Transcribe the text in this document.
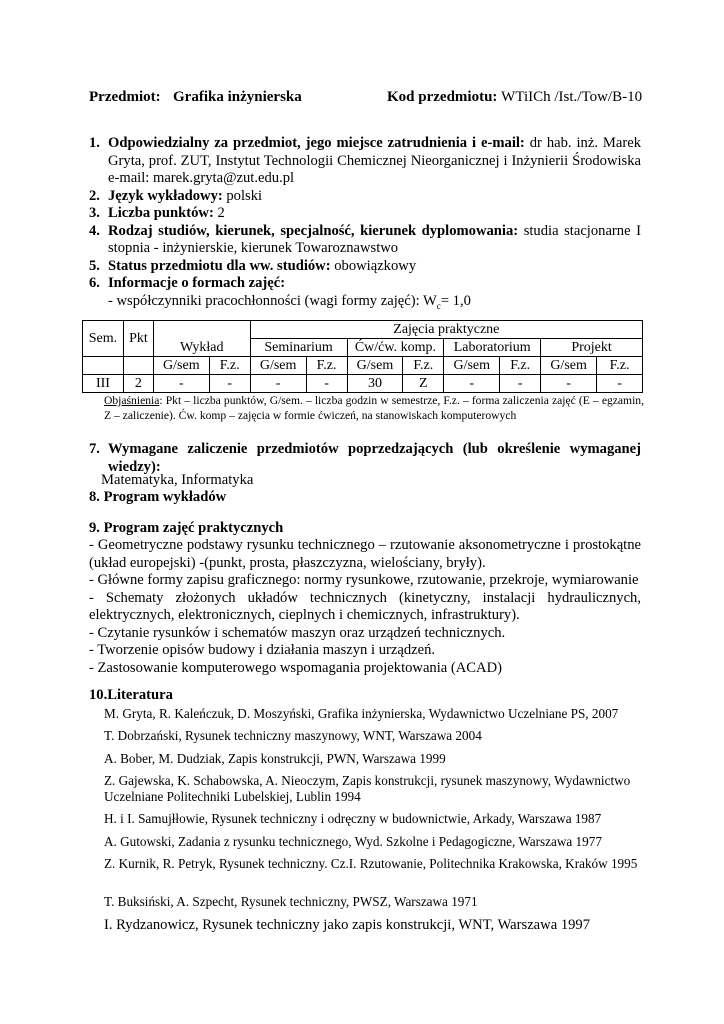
Przedmiot: Grafika inżynierska	Kod przedmiotu: WTiICh /Ist./Tow/B-10
1. Odpowiedzialny za przedmiot, jego miejsce zatrudnienia i e-mail: dr hab. inż. Marek Gryta, prof. ZUT, Instytut Technologii Chemicznej Nieorganicznej i Inżynierii Środowiska e-mail: marek.gryta@zut.edu.pl
2. Język wykładowy: polski
3. Liczba punktów: 2
4. Rodzaj studiów, kierunek, specjalność, kierunek dyplomowania: studia stacjonarne I stopnia - inżynierskie, kierunek Towaroznawstwo
5. Status przedmiotu dla ww. studiów: obowiązkowy
6. Informacje o formach zajęć:
- współczynniki pracochłonności (wagi formy zajęć): $W_c= 1,0$
Sem.	Pkt	Wykład		Zajęcia praktyczne							
				Seminarium		Ćw/ćw. komp.		Laboratorium		Projekt	
		G/sem	F.z.	G/sem	F.z.	G/sem	F.z.	G/sem	F.z.	G/sem	F.z.
III	2	-	-	-	-	30	Z	-	-	-	-
Objaśnienia: Pkt – liczba punktów, G/sem. – liczba godzin w semestrze, F.z. – forma zaliczenia zajęć (E – egzamin, Z – zaliczenie). Ćw. komp – zajęcia w formie ćwiczeń, na stanowiskach komputerowych
7. Wymagane zaliczenie przedmiotów poprzedzających (lub określenie wymaganej wiedzy):
Matematyka, Informatyka
8. Program wykładów
9. Program zajęć praktycznych
- Geometryczne podstawy rysunku technicznego – rzutowanie aksonometryczne i prostokątne (układ europejski) -(punkt, prosta, płaszczyzna, wielościany, bryły).
- Główne formy zapisu graficznego: normy rysunkowe, rzutowanie, przekroje, wymiarowanie
- Schematy złożonych układów technicznych (kinetyczny, instalacji hydraulicznych, elektrycznych, elektronicznych, cieplnych i chemicznych, infrastruktury).
- Czytanie rysunków i schematów maszyn oraz urządzeń technicznych.
- Tworzenie opisów budowy i działania maszyn i urządzeń.
- Zastosowanie komputerowego wspomagania projektowania (ACAD)
10.Literatura
M. Gryta, R. Kaleńczuk, D. Moszyński, Grafika inżynierska, Wydawnictwo Uczelniane PS, 2007
T. Dobrzański, Rysunek techniczny maszynowy, WNT, Warszawa 2004
A. Bober, M. Dudziak, Zapis konstrukcji, PWN, Warszawa 1999
Z. Gajewska, K. Schabowska, A. Nieoczym, Zapis konstrukcji, rysunek maszynowy, Wydawnictwo Uczelniane Politechniki Lubelskiej, Lublin 1994
H. i I. Samujłłowie, Rysunek techniczny i odręczny w budownictwie, Arkady, Warszawa 1987
A. Gutowski, Zadania z rysunku technicznego, Wyd. Szkolne i Pedagogiczne, Warszawa 1977
Z. Kurnik, R. Petryk, Rysunek techniczny. Cz.I. Rzutowanie, Politechnika Krakowska, Kraków 1995
T. Buksiński, A. Szpecht, Rysunek techniczny, PWSZ, Warszawa 1971
I. Rydzanowicz, Rysunek techniczny jako zapis konstrukcji, WNT, Warszawa 1997
